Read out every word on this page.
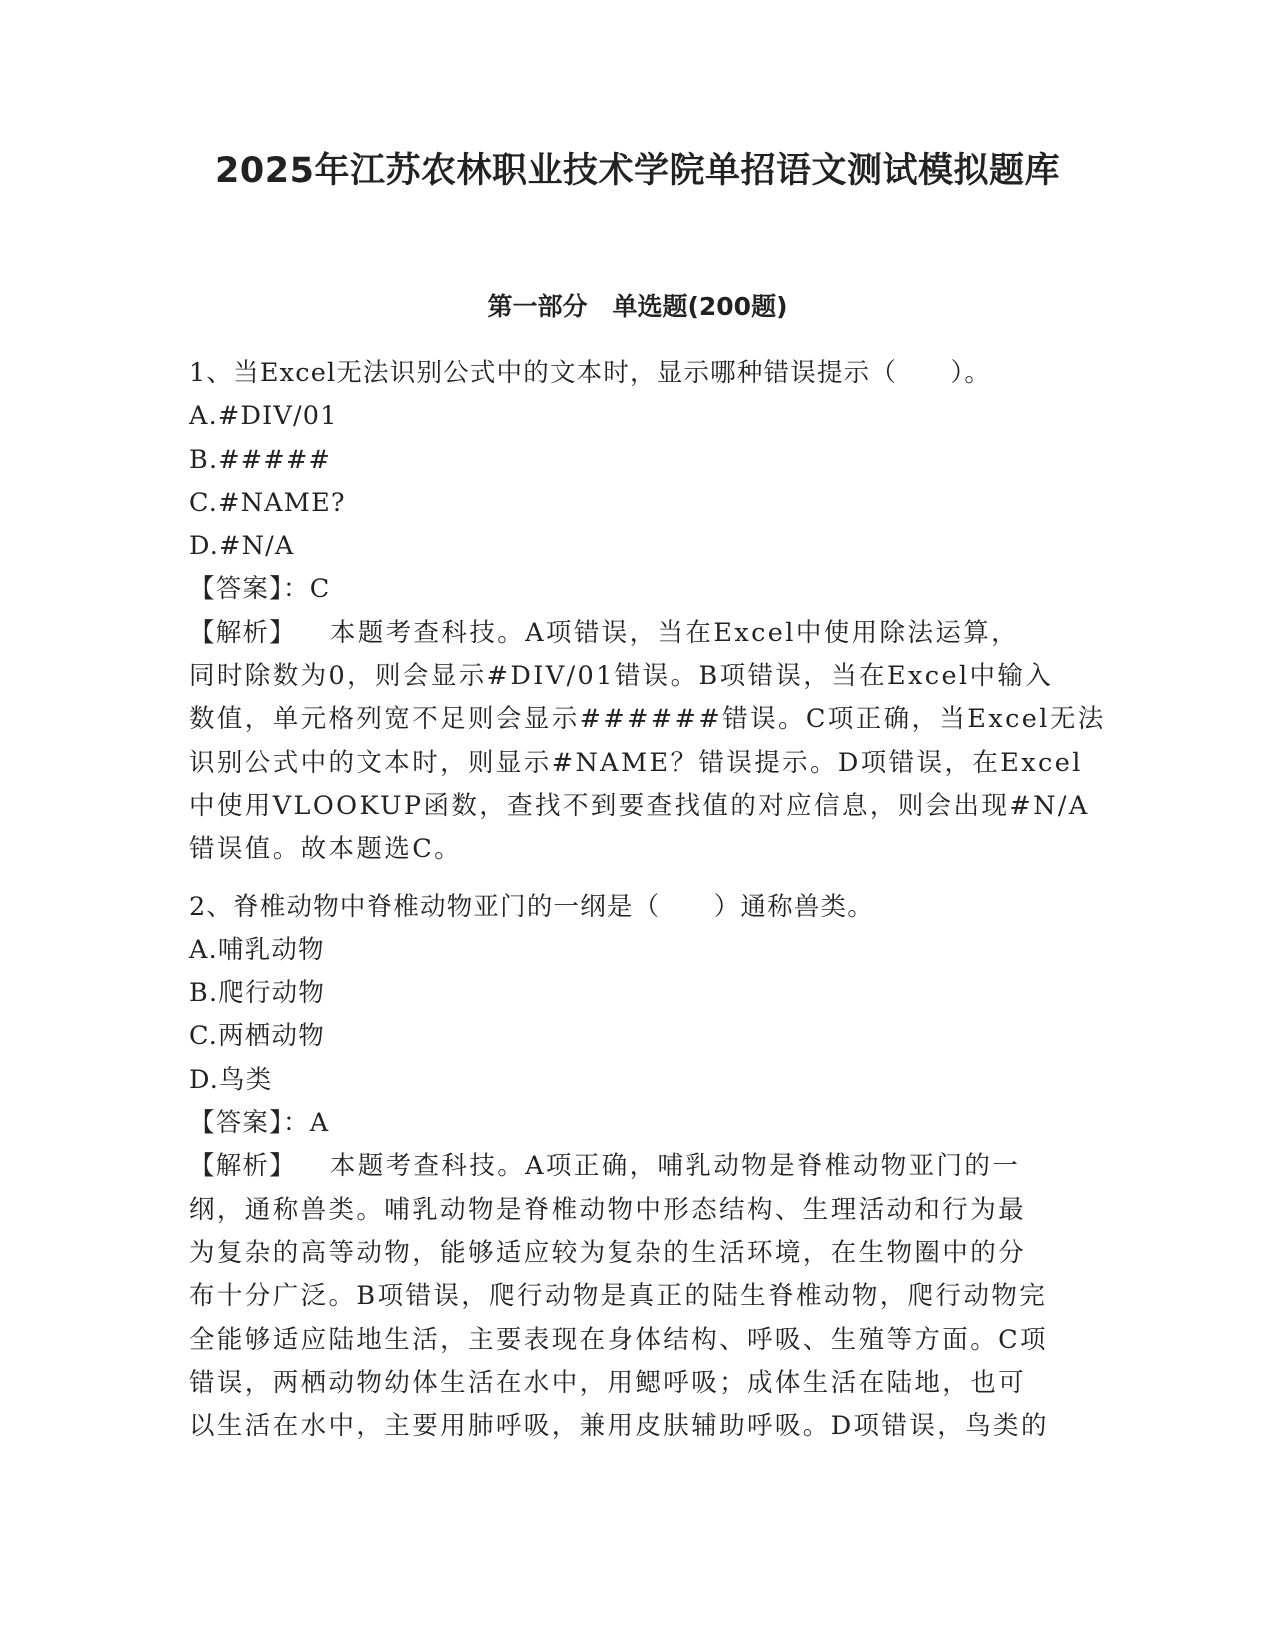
2025年江苏农林职业技术学院单招语文测试模拟题库
第一部分　单选题(200题)
1、当Excel无法识别公式中的文本时，显示哪种错误提示（　　）。
A.#DIV/01
B.#####
C.#NAME?
D.#N/A
【答案】：C
【解析】 本题考查科技。A项错误，当在Excel中使用除法运算，
同时除数为0，则会显示#DIV/01错误。B项错误，当在Excel中输入
数值，单元格列宽不足则会显示######错误。C项正确，当Excel无法
识别公式中的文本时，则显示#NAME？错误提示。D项错误，在Excel
中使用VLOOKUP函数，查找不到要查找值的对应信息，则会出现#N/A
错误值。故本题选C。
2、脊椎动物中脊椎动物亚门的一纲是（　　）通称兽类。
A.哺乳动物
B.爬行动物
C.两栖动物
D.鸟类
【答案】：A
【解析】 本题考查科技。A项正确，哺乳动物是脊椎动物亚门的一
纲，通称兽类。哺乳动物是脊椎动物中形态结构、生理活动和行为最
为复杂的高等动物，能够适应较为复杂的生活环境，在生物圈中的分
布十分广泛。B项错误，爬行动物是真正的陆生脊椎动物，爬行动物完
全能够适应陆地生活，主要表现在身体结构、呼吸、生殖等方面。C项
错误，两栖动物幼体生活在水中，用鳃呼吸；成体生活在陆地，也可
以生活在水中，主要用肺呼吸，兼用皮肤辅助呼吸。D项错误，鸟类的
